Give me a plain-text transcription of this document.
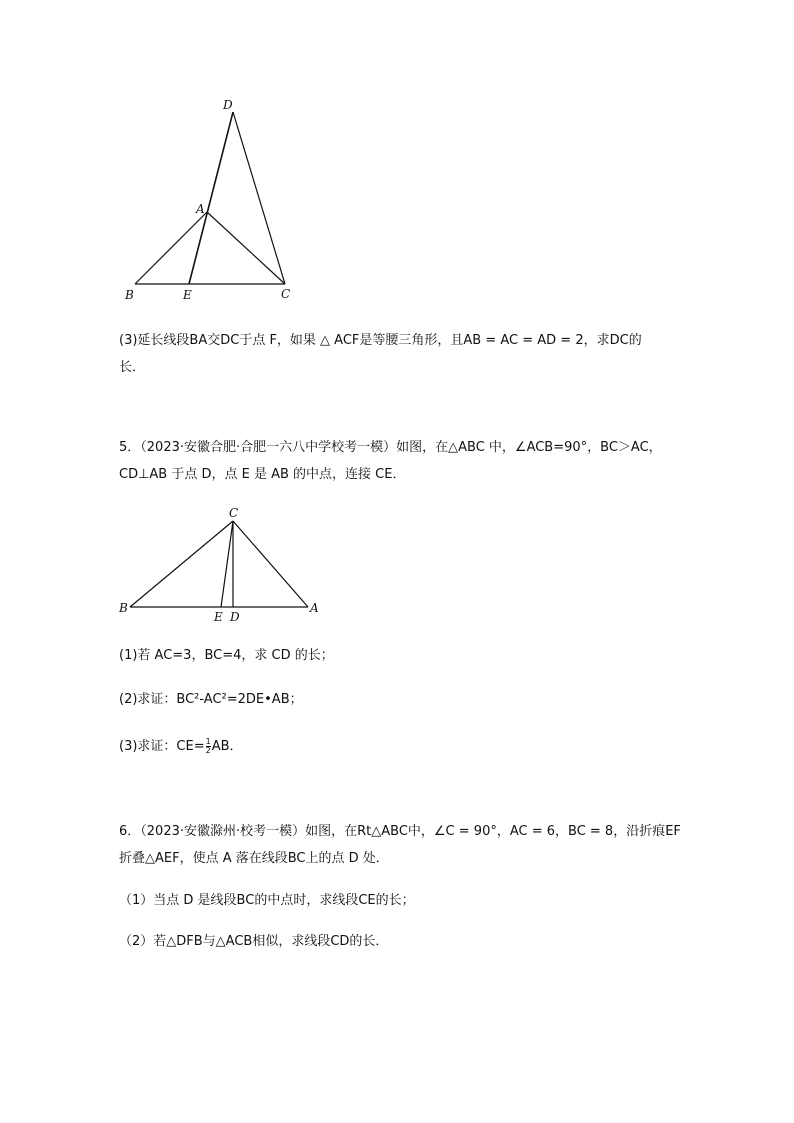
D
A
B	E	C
(3)延长线段BA交DC于点 F，如果 △ ACF是等腰三角形，且AB = AC = AD = 2，求DC的
长．
5．（2023·安徽合肥·合肥一六八中学校考一模）如图，在△ABC 中，∠ACB=90°，BC＞AC，
CD⊥AB 于点 D，点 E 是 AB 的中点，连接 CE．
C
B
E D
A
(1)若 AC=3，BC=4，求 CD 的长；
(2)求证：BC²-AC²=2DE•AB；
(3)求证：$CE= \frac{1}{2}$ AB．
6．（2023·安徽滁州·校考一模）如图，在Rt△ABC中，∠C = 90°，AC = 6，BC = 8，沿折痕EF
折叠△AEF，使点 A 落在线段BC上的点 D 处．
（1）当点 D 是线段BC的中点时，求线段CE的长；
（2）若△DFB与△ACB相似，求线段CD的长．
